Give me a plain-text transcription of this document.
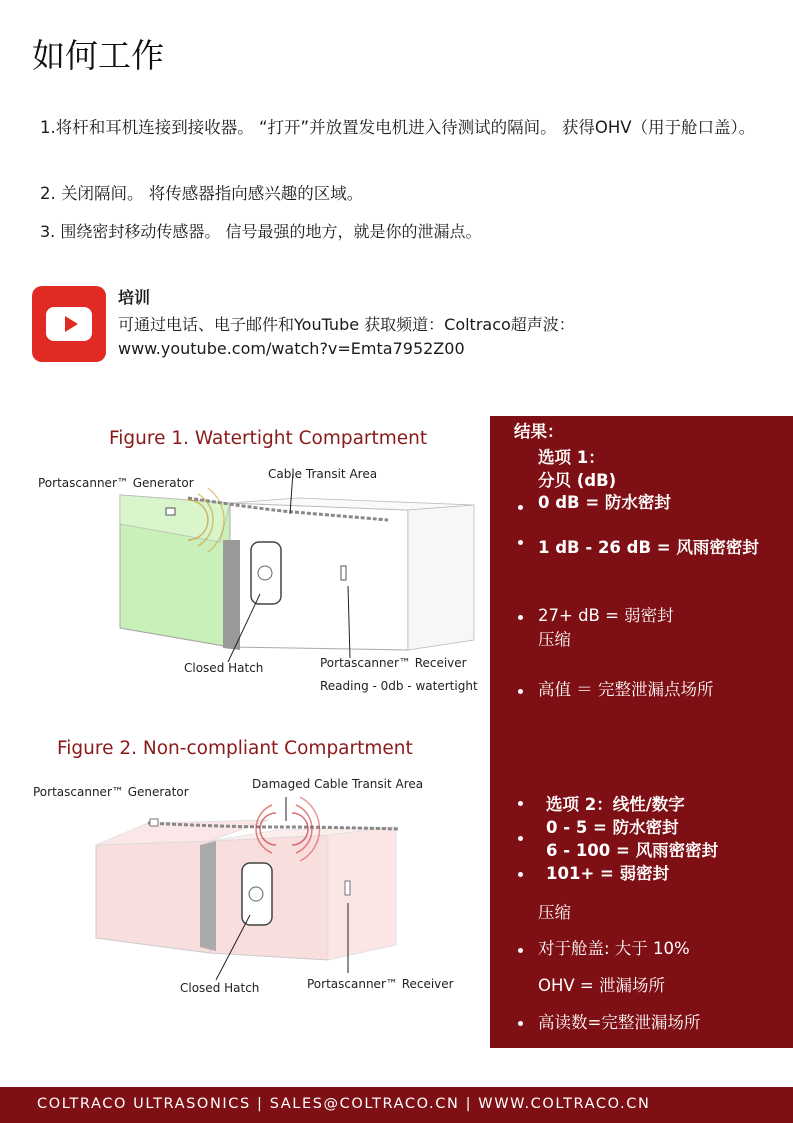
如何工作
1.将杆和耳机连接到接收器。 “打开”并放置发电机进入待测试的隔间。 获得OHV（用于舱口盖）。
2. 关闭隔间。 将传感器指向感兴趣的区域。
3. 围绕密封移动传感器。 信号最强的地方，就是你的泄漏点。
培训
可通过电话、电子邮件和YouTube 获取频道：Coltraco超声波：
www.youtube.com/watch?v=Emta7952Z00
Figure 1. Watertight Compartment
Portascanner™ Generator
Cable Transit Area
Closed Hatch	Portascanner™ Receiver
Reading - 0db - watertight
Figure 2. Non-compliant Compartment
Portascanner™ Generator
Damaged Cable Transit Area
Closed Hatch	Portascanner™ Receiver
结果：
选项 1：
分贝 (dB)
0 dB = 防水密封
1 dB - 26 dB = 风雨密密封
27+ dB = 弱密封
压缩
高值 ＝ 完整泄漏点场所
选项 2：线性/数字
0 - 5 = 防水密封
6 - 100 = 风雨密密封
101+ = 弱密封
压缩
对于舱盖: 大于 10%
OHV = 泄漏场所
高读数=完整泄漏场所
COLTRACO ULTRASONICS | SALES@COLTRACO.CN | WWW.COLTRACO.CN
